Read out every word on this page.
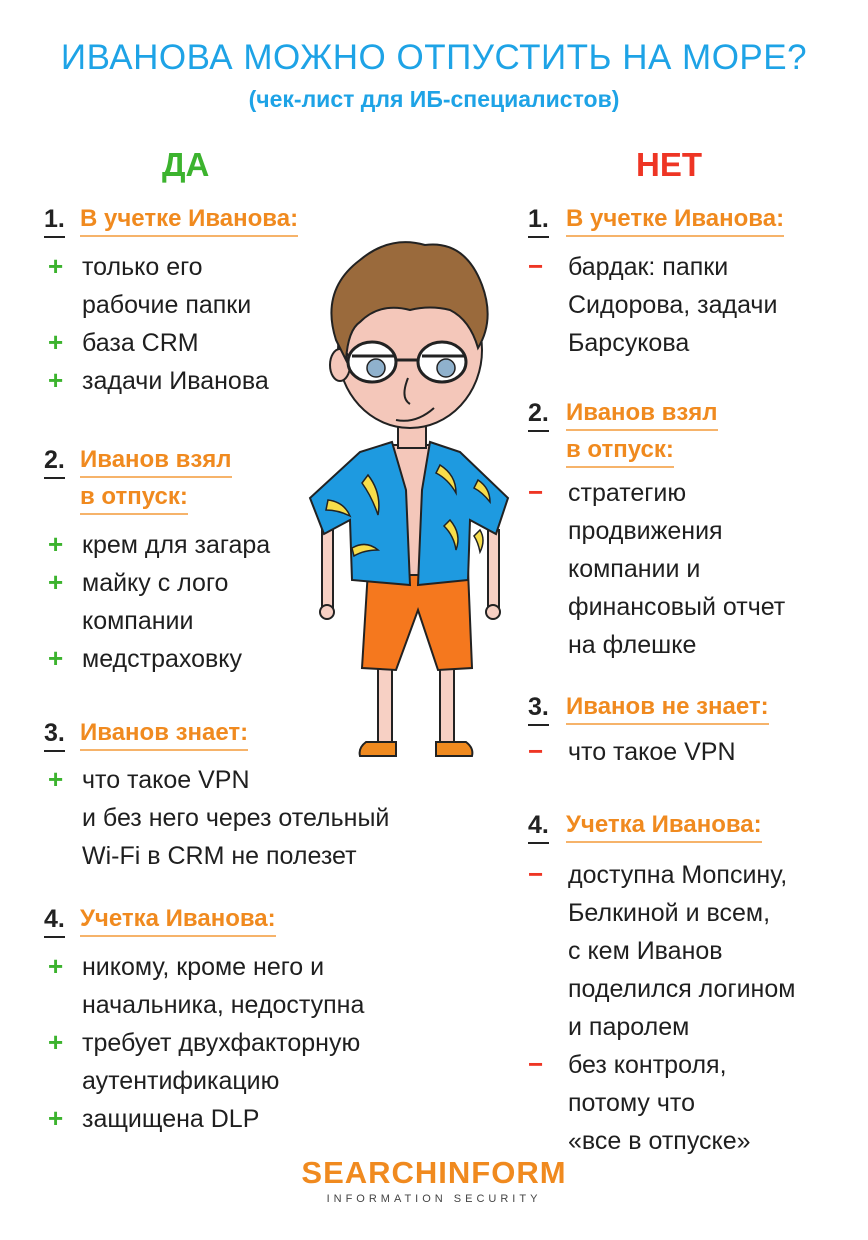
ИВАНОВА МОЖНО ОТПУСТИТЬ НА МОРЕ?
(чек-лист для ИБ-специалистов)
ДА	НЕТ
1. В учетке Иванова:
+ только его
рабочие папки
+ база CRM
+ задачи Иванова
2. Иванов взял
в отпуск:
+ крем для загара
+ майку с лого
компании
+ медстраховку
3. Иванов знает:
+ что такое VPN
и без него через отельный
Wi-Fi в CRM не полезет
4. Учетка Иванова:
+ никому, кроме него и
начальника, недоступна
+ требует двухфакторную
аутентификацию
+ защищена DLP
1. В учетке Иванова:
− бардак: папки
Сидорова, задачи
Барсукова
2. Иванов взял
в отпуск:
− стратегию
продвижения
компании и
финансовый отчет
на флешке
3. Иванов не знает:
− что такое VPN
4. Учетка Иванова:
− доступна Мопсину,
Белкиной и всем,
с кем Иванов
поделился логином
и паролем
− без контроля,
потому что
«все в отпуске»
SEARCHINFORM
INFORMATION SECURITY
